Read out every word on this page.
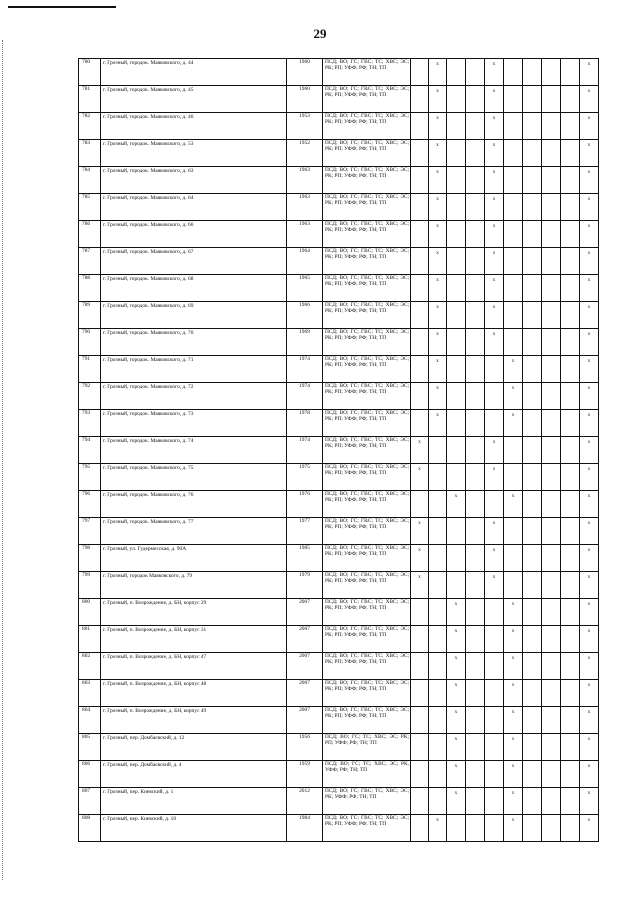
29
780	г. Грозный, городок. Маяковского, д. 44	1960	ПСД; ВО; ГС; ГВС; ТС; ХВС; ЭС; РК; РП; УФФ; РФ; ТН; ТП		x			x					x
781	г. Грозный, городок. Маяковского, д. 45	1960	ПСД; ВО; ГС; ГВС; ТС; ХВС; ЭС; РК; РП; УФФ; РФ; ТН; ТП		x			x					x
782	г. Грозный, городок. Маяковского, д. 46	1953	ПСД; ВО; ГС; ГВС; ТС; ХВС; ЭС; РК; РП; УФФ; РФ; ТН; ТП		x			x					x
783	г. Грозный, городок. Маяковского, д. 53	1952	ПСД; ВО; ГС; ГВС; ТС; ХВС; ЭС; РК; РП; УФФ; РФ; ТН; ТП		x			x					x
784	г. Грозный, городок. Маяковского, д. 63	1963	ПСД; ВО; ГС; ГВС; ТС; ХВС; ЭС; РК; РП; УФФ; РФ; ТН; ТП		x			x					x
785	г. Грозный, городок. Маяковского, д. 64	1963	ПСД; ВО; ГС; ГВС; ТС; ХВС; ЭС; РК; РП; УФФ; РФ; ТН; ТП		x			x					x
786	г. Грозный, городок. Маяковского, д. 66	1963	ПСД; ВО; ГС; ГВС; ТС; ХВС; ЭС; РК; РП; УФФ; РФ; ТН; ТП		x			x					x
787	г. Грозный, городок. Маяковского, д. 67	1964	ПСД; ВО; ГС; ГВС; ТС; ХВС; ЭС; РК; РП; УФФ; РФ; ТН; ТП		x			x					x
788	г. Грозный, городок. Маяковского, д. 68	1965	ПСД; ВО; ГС; ГВС; ТС; ХВС; ЭС; РК; РП; УФФ; РФ; ТН; ТП		x			x					x
789	г. Грозный, городок. Маяковского, д. 69	1966	ПСД; ВО; ГС; ГВС; ТС; ХВС; ЭС; РК; РП; УФФ; РФ; ТН; ТП		x			x					x
790	г. Грозный, городок. Маяковского, д. 70	1969	ПСД; ВО; ГС; ГВС; ТС; ХВС; ЭС; РК; РП; УФФ; РФ; ТН; ТП		x			x					x
791	г. Грозный, городок. Маяковского, д. 71	1974	ПСД; ВО; ГС; ГВС; ТС; ХВС; ЭС; РК; РП; УФФ; РФ; ТН; ТП		x				x				x
792	г. Грозный, городок. Маяковского, д. 72	1974	ПСД; ВО; ГС; ГВС; ТС; ХВС; ЭС; РК; РП; УФФ; РФ; ТН; ТП		x				x				x
793	г. Грозный, городок. Маяковского, д. 73	1978	ПСД; ВО; ГС; ГВС; ТС; ХВС; ЭС; РК; РП; УФФ; РФ; ТН; ТП		x				x				x
794	г. Грозный, городок. Маяковского, д. 74	1974	ПСД; ВО; ГС; ГВС; ТС; ХВС; ЭС; РК; РП; УФФ; РФ; ТН; ТП	x				x					x
795	г. Грозный, городок. Маяковского, д. 75	1975	ПСД; ВО; ГС; ГВС; ТС; ХВС; ЭС; РК; РП; УФФ; РФ; ТН; ТП	x				x					x
796	г. Грозный, городок. Маяковского, д. 76	1976	ПСД; ВО; ГС; ГВС; ТС; ХВС; ЭС; РК; РП; УФФ; РФ; ТН; ТП			x			x				x
797	г. Грозный, городок. Маяковского, д. 77	1977	ПСД; ВО; ГС; ГВС; ТС; ХВС; ЭС; РК; РП; УФФ; РФ; ТН; ТП	x				x					x
798	г. Грозный, ул. Гудермесская, д. 90А	1985	ПСД; ВО; ГС; ГВС; ТС; ХВС; ЭС; РК; РП; УФФ; РФ; ТН; ТП	x				x					x
799	г. Грозный, городок Маяковского, д. 79	1979	ПСД; ВО; ГС; ГВС; ТС; ХВС; ЭС; РК; РП; УФФ; РФ; ТН; ТП	x				x					x
800	г. Грозный, п. Возрождение, д. БН, корпус 29	2007	ПСД; ВО; ГС; ГВС; ТС; ХВС; ЭС; РК; РП; УФФ; РФ; ТН; ТП			x			x				x
801	г. Грозный, п. Возрождение, д. БН, корпус 31	2007	ПСД; ВО; ГС; ГВС; ТС; ХВС; ЭС; РК; РП; УФФ; РФ; ТН; ТП			x			x				x
802	г. Грозный, п. Возрождение, д. БН, корпус 47	2007	ПСД; ВО; ГС; ГВС; ТС; ХВС; ЭС; РК; РП; УФФ; РФ; ТН; ТП			x			x				x
803	г. Грозный, п. Возрождение, д. БН, корпус 48	2007	ПСД; ВО; ГС; ГВС; ТС; ХВС; ЭС; РК; РП; УФФ; РФ; ТН; ТП			x			x				x
804	г. Грозный, п. Возрождение, д. БН, корпус 49	2007	ПСД; ВО; ГС; ГВС; ТС; ХВС; ЭС; РК; РП; УФФ; РФ; ТН; ТП			x			x				x
805	г. Грозный, пер. Домбаєвский, д. 12	1956	ПСД; ВО; ГС; ТС; ХВС; ЭС; РК; РП; УФФ; РФ; ТН; ТП			x			x				x
806	г. Грозный, пер. Домбаєвский, д. 4	1959	ПСД; ВО; ГС; ТС; ХВС; ЭС; РК, УФФ; РФ; ТН; ТП			x			x				x
807	г. Грозный, пер. Киевский, д. 1	2012	ПСД; ВО; ГС; ГВС; ТС; ХВС; ЭС; РК; УФФ; РФ; ТН; ТП			x			x				x
808	г. Грозный, пер. Киевский, д. 10	1984	ПСД; ВО; ГС; ГВС; ТС; ХВС; ЭС; РК; РП; УФФ; РФ; ТН; ТП		x				x				x
